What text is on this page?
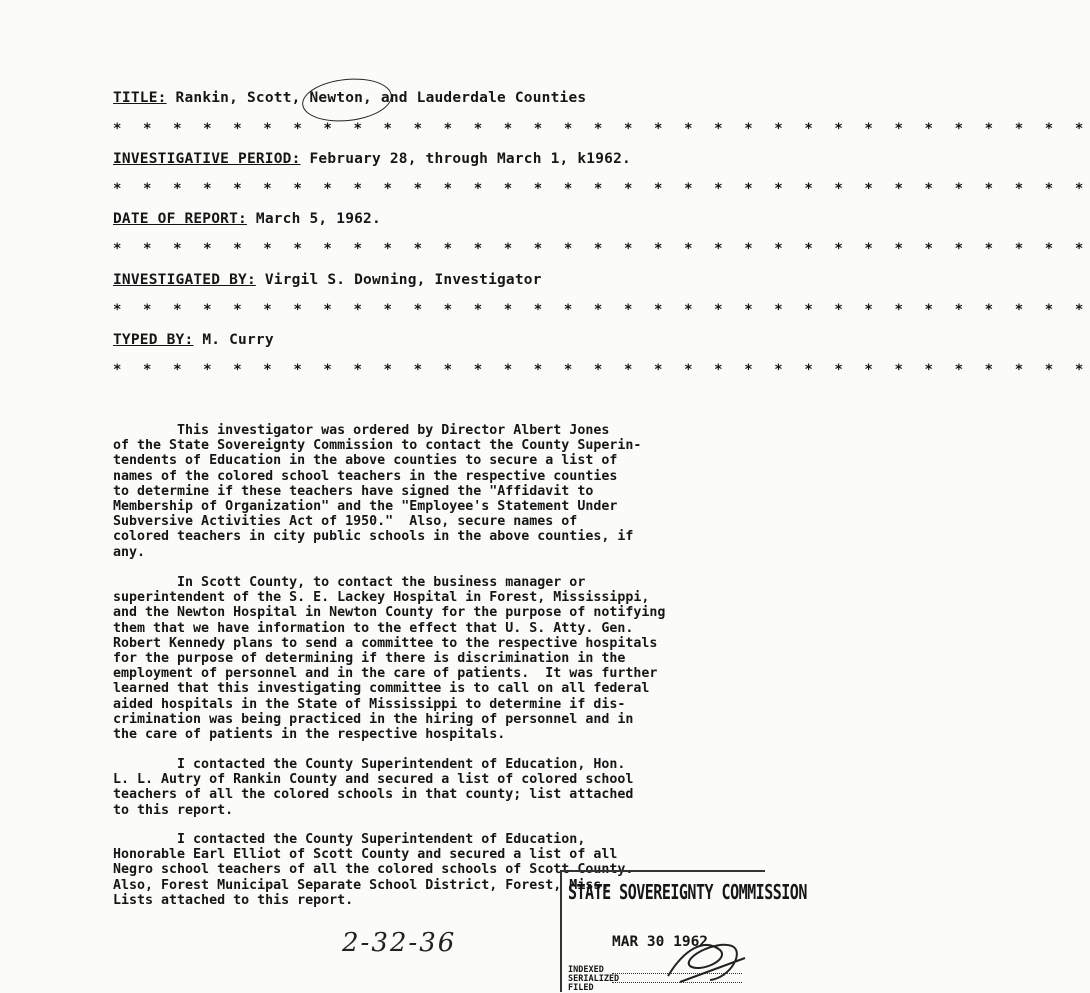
TITLE: Rankin, Scott, Newton, and Lauderdale Counties
* * * * * * * * * * * * * * * * * * * * * * * * * * * * * * * * *
INVESTIGATIVE PERIOD: February 28, through March 1, k1962.
* * * * * * * * * * * * * * * * * * * * * * * * * * * * * * * * *
DATE OF REPORT: March 5, 1962.
* * * * * * * * * * * * * * * * * * * * * * * * * * * * * * * * *
INVESTIGATED BY: Virgil S. Downing, Investigator
* * * * * * * * * * * * * * * * * * * * * * * * * * * * * * * * *
TYPED BY: M. Curry
* * * * * * * * * * * * * * * * * * * * * * * * * * * * * * * * *

This investigator was ordered by Director Albert Jones
of the State Sovereignty Commission to contact the County Superin-
tendents of Education in the above counties to secure a list of
names of the colored school teachers in the respective counties
to determine if these teachers have signed the "Affidavit to
Membership of Organization" and the "Employee's Statement Under
Subversive Activities Act of 1950."  Also, secure names of
colored teachers in city public schools in the above counties, if
any.

In Scott County, to contact the business manager or
superintendent of the S. E. Lackey Hospital in Forest, Mississippi,
and the Newton Hospital in Newton County for the purpose of notifying
them that we have information to the effect that U. S. Atty. Gen.
Robert Kennedy plans to send a committee to the respective hospitals
for the purpose of determining if there is discrimination in the
employment of personnel and in the care of patients.  It was further
learned that this investigating committee is to call on all federal
aided hospitals in the State of Mississippi to determine if dis-
crimination was being practiced in the hiring of personnel and in
the care of patients in the respective hospitals.

I contacted the County Superintendent of Education, Hon.
L. L. Autry of Rankin County and secured a list of colored school
teachers of all the colored schools in that county; list attached
to this report.

I contacted the County Superintendent of Education,
Honorable Earl Elliot of Scott County and secured a list of all
Negro school teachers of all the colored schools of Scott County.
Also, Forest Municipal Separate School District, Forest, Miss.
Lists attached to this report.

2-32-36
STATE SOVEREIGNTY COMMISSION
MAR 30 1962
INDEXED
SERIALIZED
FILED
